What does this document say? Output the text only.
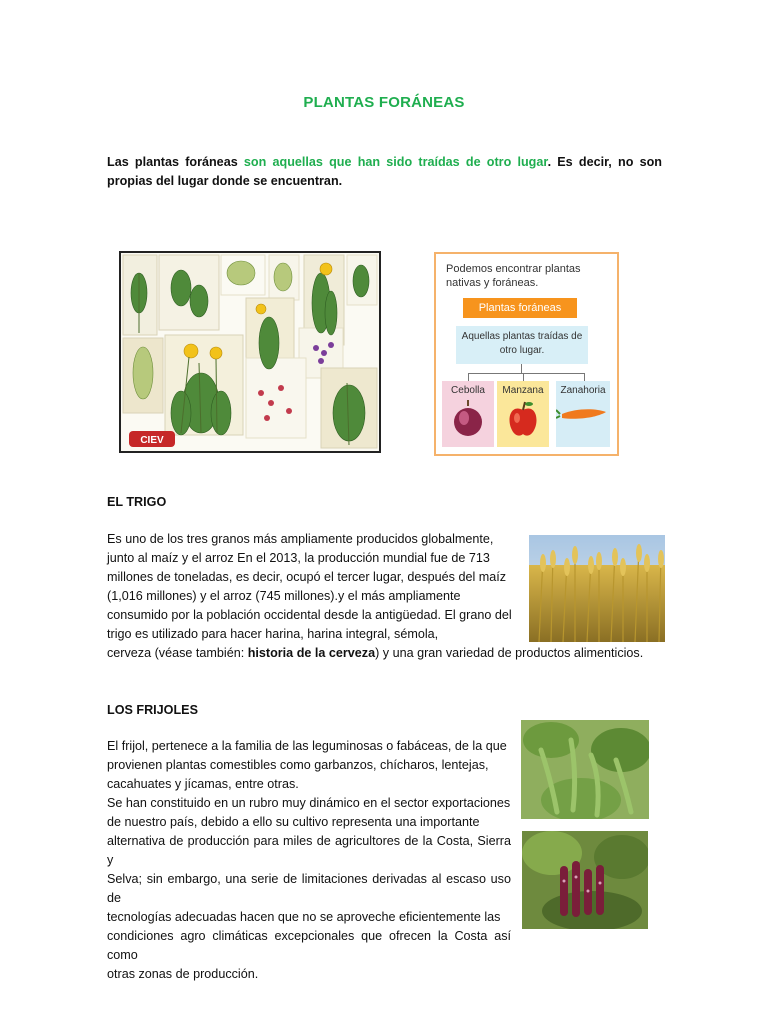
PLANTAS FORÁNEAS
Las plantas foráneas son aquellas que han sido traídas de otro lugar. Es decir, no son propias del lugar donde se encuentran.
CIEV
Podemos encontrar plantas nativas y foráneas.
Plantas foráneas
Aquellas plantas traídas de otro lugar.
Cebolla	Manzana	Zanahoria
EL TRIGO
Es uno de los tres granos más ampliamente producidos globalmente,
junto al maíz y el arroz En el 2013, la producción mundial fue de 713
millones de toneladas, es decir, ocupó el tercer lugar, después del maíz
(1,016 millones) y el arroz (745 millones).y el más ampliamente
consumido por la población occidental desde la antigüedad. El grano del
trigo es utilizado para hacer harina, harina integral, sémola,
cerveza (véase también: historia de la cerveza) y una gran variedad de productos alimenticios.
LOS FRIJOLES
El frijol, pertenece a la familia de las leguminosas o fabáceas, de la que
provienen plantas comestibles como garbanzos, chícharos, lentejas,
cacahuates y jícamas, entre otras.
Se han constituido en un rubro muy dinámico en el sector exportaciones
de nuestro país, debido a ello su cultivo representa una importante
alternativa de producción para miles de agricultores de la Costa, Sierra y
Selva; sin embargo, una serie de limitaciones derivadas al escaso uso de
tecnologías adecuadas hacen que no se aproveche eficientemente las
condiciones agro climáticas excepcionales que ofrecen la Costa así como
otras zonas de producción.
